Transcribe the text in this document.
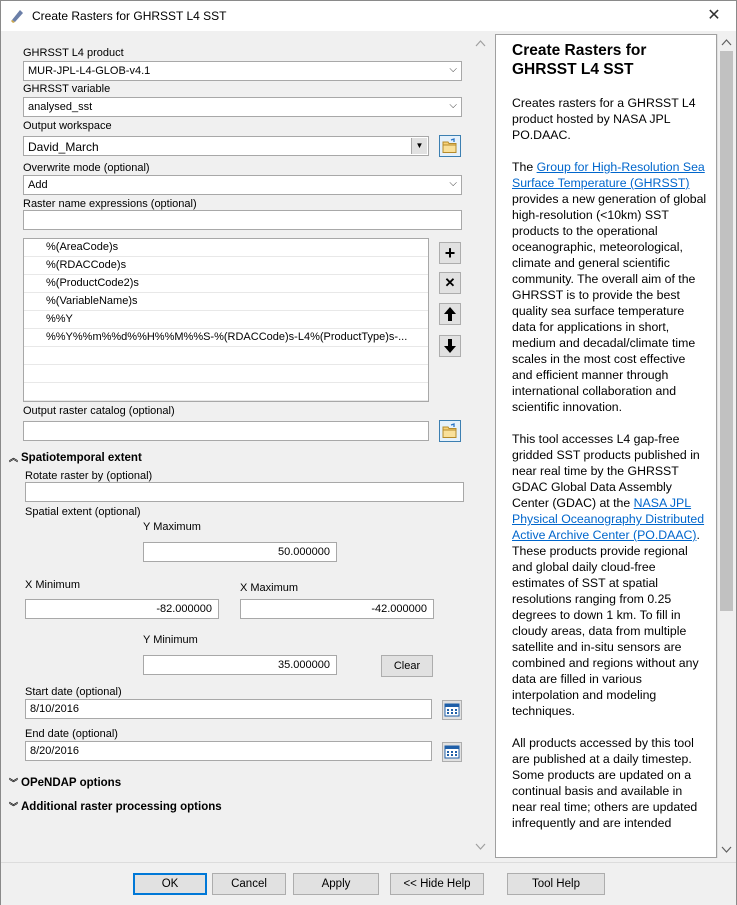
Create Rasters for GHRSST L4 SST	✕
GHRSST L4 product
MUR-JPL-L4-GLOB-v4.1	⌵
GHRSST variable
analysed_sst	⌵
Output workspace
David_March	▼
Overwrite mode (optional)
Add	⌵
Raster name expressions (optional)
%(AreaCode)s
%(RDACCode)s
%(ProductCode2)s
%(VariableName)s
%%Y
%%Y%%m%%d%%H%%M%%S-%(RDACCode)s-L4%(ProductType)s-...
+
✕
Output raster catalog (optional)
︽ Spatiotemporal extent
Rotate raster by (optional)
Spatial extent (optional)
Y Maximum
50.000000
X Minimum
-82.000000
X Maximum
-42.000000
Y Minimum
35.000000	Clear
Start date (optional)
8/10/2016
End date (optional)
8/20/2016
︾ OPeNDAP options
︾ Additional raster processing options
Create Rasters for GHRSST L4 SST

Creates rasters for a GHRSST L4 product hosted by NASA JPL PO.DAAC.

The Group for High-Resolution Sea Surface Temperature (GHRSST) provides a new generation of global high-resolution (<10km) SST products to the operational oceanographic, meteorological, climate and general scientific community. The overall aim of the GHRSST is to provide the best quality sea surface temperature data for applications in short, medium and decadal/climate time scales in the most cost effective and efficient manner through international collaboration and scientific innovation.

This tool accesses L4 gap-free gridded SST products published in near real time by the GHRSST GDAC Global Data Assembly Center (GDAC) at the NASA JPL Physical Oceanography Distributed Active Archive Center (PO.DAAC). These products provide regional and global daily cloud-free estimates of SST at spatial resolutions ranging from 0.25 degrees to down 1 km. To fill in cloudy areas, data from multiple satellite and in-situ sensors are combined and regions without any data are filled in various interpolation and modeling techniques.

All products accessed by this tool are published at a daily timestep. Some products are updated on a continual basis and available in near real time; others are updated infrequently and are intended

OK	Cancel	Apply	<< Hide Help	Tool Help
